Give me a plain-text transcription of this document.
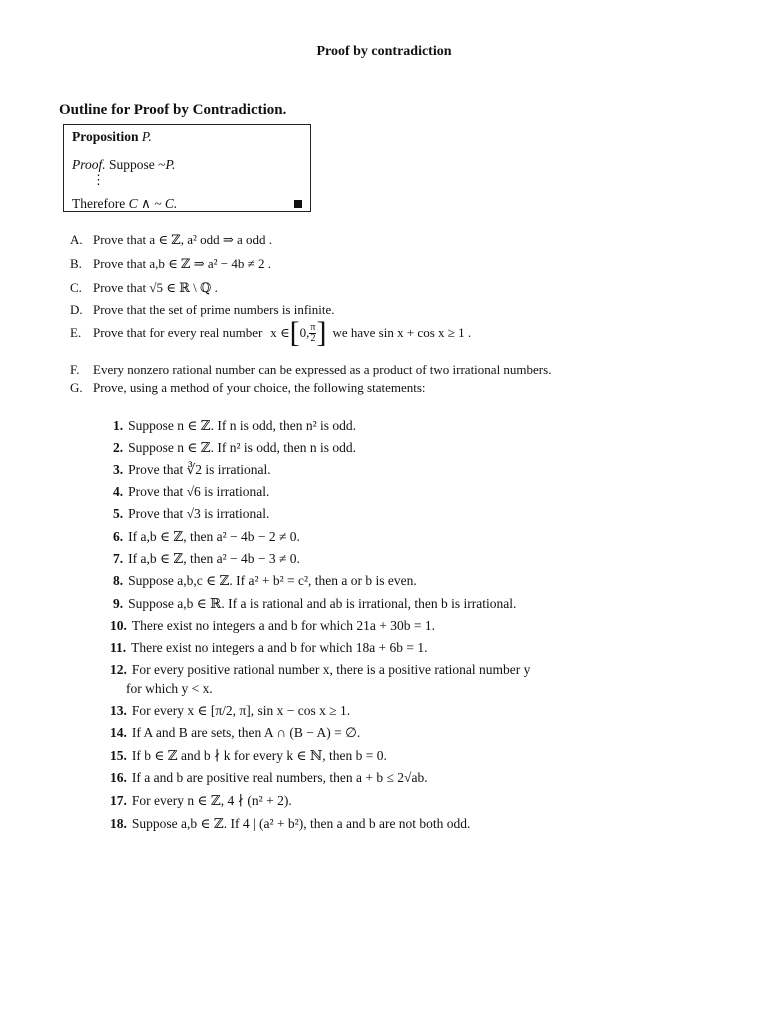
Proof by contradiction
Outline for Proof by Contradiction.
Proposition P.
Proof. Suppose ~P.
⋮
Therefore C ∧ ~ C.
A. Prove that a ∈ ℤ, a² odd ⇒ a odd .
B. Prove that a,b ∈ ℤ ⇒ a² − 4b ≠ 2 .
C. Prove that √5 ∈ ℝ \ ℚ .
D. Prove that the set of prime numbers is infinite.
E. Prove that for every real number x ∈ [ 0, $\frac{\pi}{2}$ ] we have sin x + cos x ≥ 1 .
F.	Every nonzero rational number can be expressed as a product of two irrational numbers.
G. Prove, using a method of your choice, the following statements:
1. Suppose n ∈ ℤ. If n is odd, then n² is odd.
2. Suppose n ∈ ℤ. If n² is odd, then n is odd.
3. Prove that ∛2 is irrational.
4. Prove that √6 is irrational.
5. Prove that √3 is irrational.
6. If a,b ∈ ℤ, then a² − 4b − 2 ≠ 0.
7. If a,b ∈ ℤ, then a² − 4b − 3 ≠ 0.
8. Suppose a,b,c ∈ ℤ. If a² + b² = c², then a or b is even.
9. Suppose a,b ∈ ℝ. If a is rational and ab is irrational, then b is irrational.
10. There exist no integers a and b for which 21a + 30b = 1.
11. There exist no integers a and b for which 18a + 6b = 1.
12. For every positive rational number x, there is a positive rational number y
for which y < x.
13. For every x ∈ [π/2, π], sin x − cos x ≥ 1.
14. If A and B are sets, then A ∩ (B − A) = ∅.
15. If b ∈ ℤ and b ∤ k for every k ∈ ℕ, then b = 0.
16. If a and b are positive real numbers, then a + b ≤ 2√ab.
17. For every n ∈ ℤ, 4 ∤ (n² + 2).
18. Suppose a,b ∈ ℤ. If 4 | (a² + b²), then a and b are not both odd.
